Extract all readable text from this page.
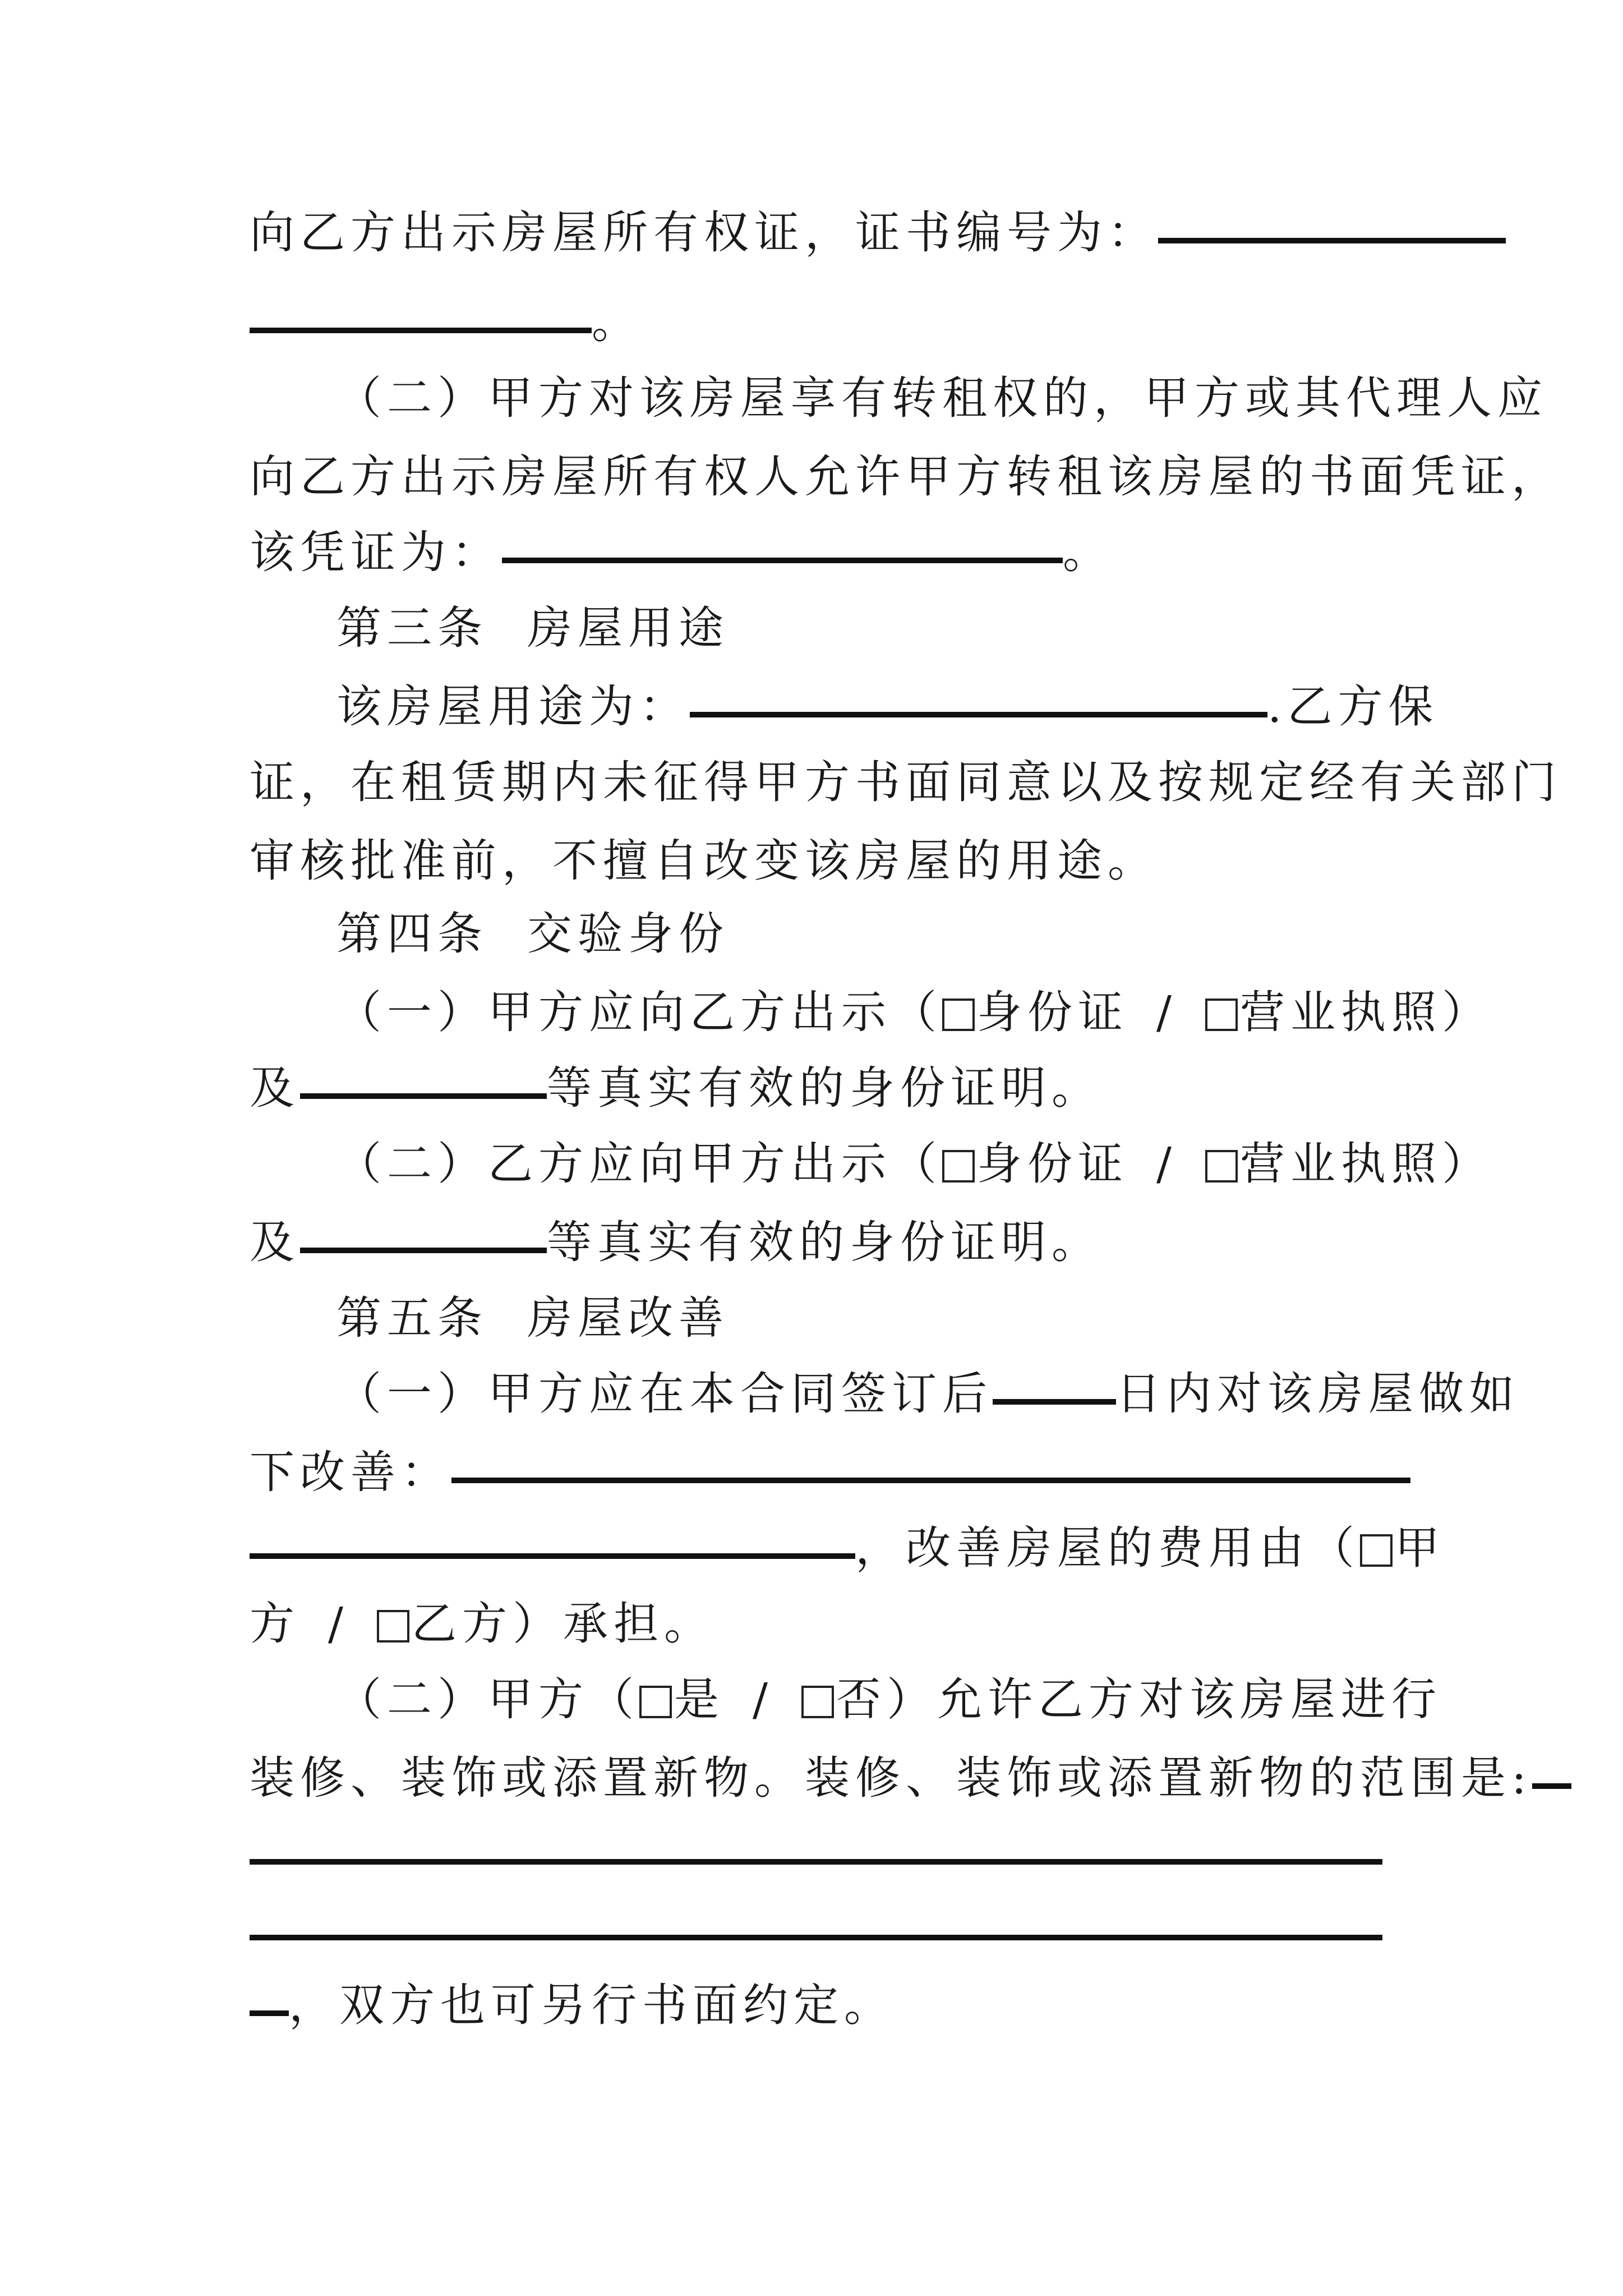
向乙方出示房屋所有权证，证书编号为：
。
（二）甲方对该房屋享有转租权的，甲方或其代理人应
向乙方出示房屋所有权人允许甲方转租该房屋的书面凭证，
该凭证为：	。
第三条 房屋用途
该房屋用途为：	.乙方保
证，在租赁期内未征得甲方书面同意以及按规定经有关部门
审核批准前，不擅自改变该房屋的用途。
第四条 交验身份
（一）甲方应向乙方出示（ 身份证 / 营业执照）
及	等真实有效的身份证明。
（二）乙方应向甲方出示（ 身份证 / 营业执照）
及	等真实有效的身份证明。
第五条 房屋改善
（一）甲方应在本合同签订后	日内对该房屋做如
下改善：
，改善房屋的费用由（ 甲
方 / 乙方）承担。
（二）甲方（ 是 / 否）允许乙方对该房屋进行
装修、装饰或添置新物。装修、装饰或添置新物的范围是:
，双方也可另行书面约定。
